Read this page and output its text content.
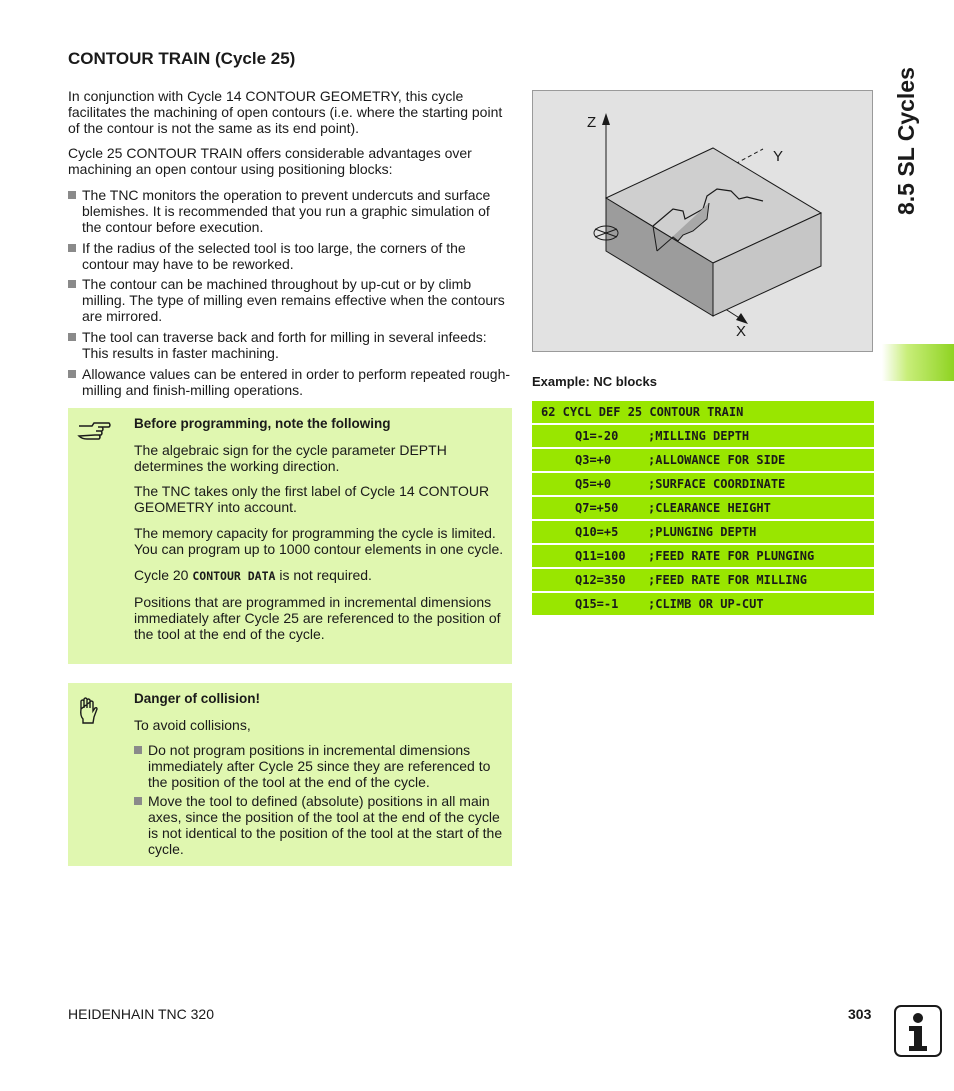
CONTOUR TRAIN (Cycle 25)

In conjunction with Cycle 14 CONTOUR GEOMETRY, this cycle facilitates the machining of open contours (i.e. where the starting point of the contour is not the same as its end point).

Cycle 25 CONTOUR TRAIN offers considerable advantages over machining an open contour using positioning blocks:

The TNC monitors the operation to prevent undercuts and surface blemishes. It is recommended that you run a graphic simulation of the contour before execution.
If the radius of the selected tool is too large, the corners of the contour may have to be reworked.
The contour can be machined throughout by up-cut or by climb milling. The type of milling even remains effective when the contours are mirrored.
The tool can traverse back and forth for milling in several infeeds: This results in faster machining.
Allowance values can be entered in order to perform repeated rough-milling and finish-milling operations.

Before programming, note the following

The algebraic sign for the cycle parameter DEPTH determines the working direction.

The TNC takes only the first label of Cycle 14 CONTOUR GEOMETRY into account.

The memory capacity for programming the cycle is limited. You can program up to 1000 contour elements in one cycle.

Cycle 20 CONTOUR DATA is not required.

Positions that are programmed in incremental dimensions immediately after Cycle 25 are referenced to the position of the tool at the end of the cycle.

Danger of collision!

To avoid collisions,

Do not program positions in incremental dimensions immediately after Cycle 25 since they are referenced to the position of the tool at the end of the cycle.
Move the tool to defined (absolute) positions in all main axes, since the position of the tool at the end of the cycle is not identical to the position of the tool at the start of the cycle.
Z
Y
X
Example: NC blocks
62 CYCL DEF 25 CONTOUR TRAIN
Q1=-20 ;MILLING DEPTH
Q3=+0	;ALLOWANCE FOR SIDE
Q5=+0	;SURFACE COORDINATE
Q7=+50 ;CLEARANCE HEIGHT
Q10=+5 ;PLUNGING DEPTH
Q11=100 ;FEED RATE FOR PLUNGING
Q12=350 ;FEED RATE FOR MILLING
Q15=-1 ;CLIMB OR UP-CUT
8.5 SL Cycles
HEIDENHAIN TNC 320	303
